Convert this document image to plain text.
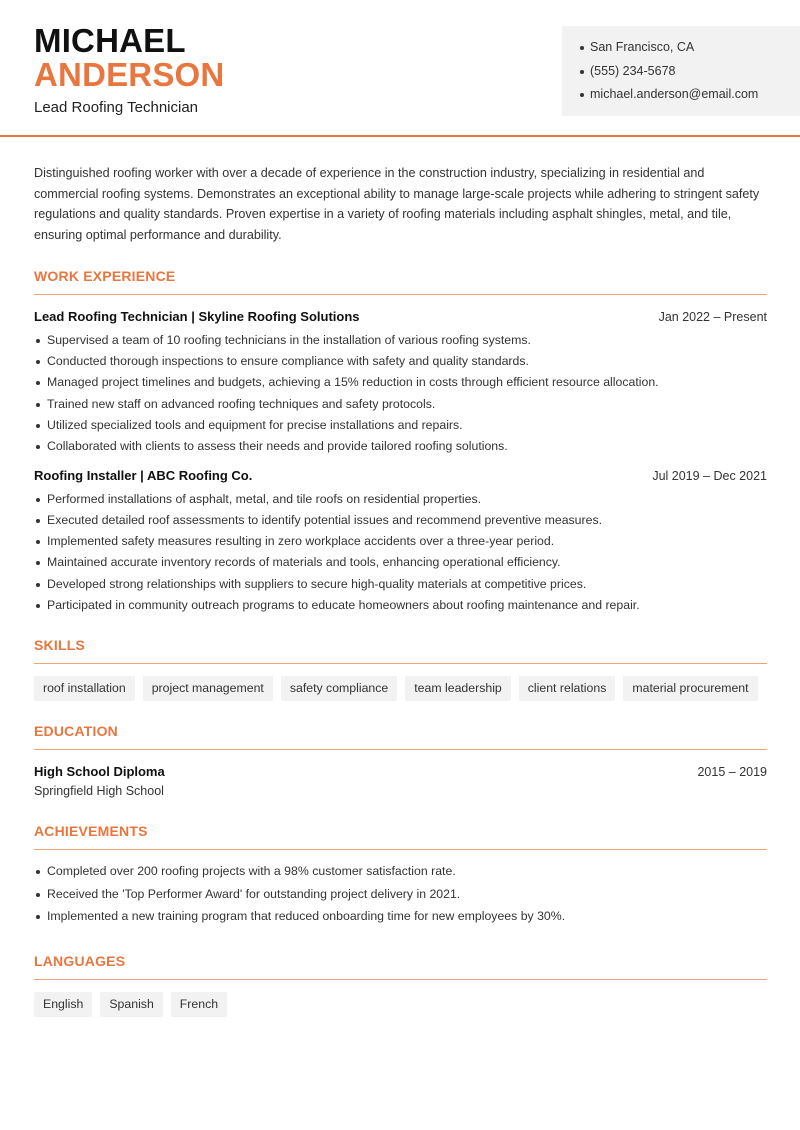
MICHAEL
ANDERSON
Lead Roofing Technician
San Francisco, CA
(555) 234-5678
michael.anderson@email.com

Distinguished roofing worker with over a decade of experience in the construction industry, specializing in residential and commercial roofing systems. Demonstrates an exceptional ability to manage large-scale projects while adhering to stringent safety regulations and quality standards. Proven expertise in a variety of roofing materials including asphalt shingles, metal, and tile, ensuring optimal performance and durability.

WORK EXPERIENCE
Lead Roofing Technician | Skyline Roofing Solutions	Jan 2022 – Present
Supervised a team of 10 roofing technicians in the installation of various roofing systems.
Conducted thorough inspections to ensure compliance with safety and quality standards.
Managed project timelines and budgets, achieving a 15% reduction in costs through efficient resource allocation.
Trained new staff on advanced roofing techniques and safety protocols.
Utilized specialized tools and equipment for precise installations and repairs.
Collaborated with clients to assess their needs and provide tailored roofing solutions.
Roofing Installer | ABC Roofing Co.	Jul 2019 – Dec 2021
Performed installations of asphalt, metal, and tile roofs on residential properties.
Executed detailed roof assessments to identify potential issues and recommend preventive measures.
Implemented safety measures resulting in zero workplace accidents over a three-year period.
Maintained accurate inventory records of materials and tools, enhancing operational efficiency.
Developed strong relationships with suppliers to secure high-quality materials at competitive prices.
Participated in community outreach programs to educate homeowners about roofing maintenance and repair.
SKILLS
roof installation	project management	safety compliance	team leadership	client relations	material procurement
EDUCATION
High School Diploma	2015 – 2019
Springfield High School
ACHIEVEMENTS
Completed over 200 roofing projects with a 98% customer satisfaction rate.
Received the 'Top Performer Award' for outstanding project delivery in 2021.
Implemented a new training program that reduced onboarding time for new employees by 30%.
LANGUAGES
English	Spanish	French
